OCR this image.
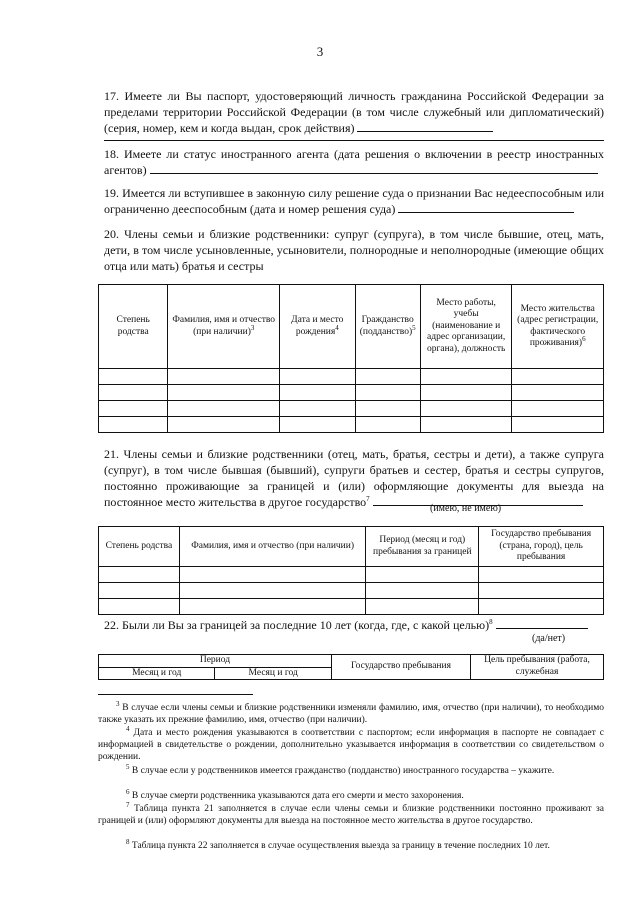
3
17. Имеете ли Вы паспорт, удостоверяющий личность гражданина Российской Федерации за пределами территории Российской Федерации (в том числе служебный или дипломатический) (серия, номер, кем и когда выдан, срок действия)
18. Имеете ли статус иностранного агента (дата решения о включении в реестр иностранных агентов)
19. Имеется ли вступившее в законную силу решение суда о признании Вас недееспособным или ограниченно дееспособным (дата и номер решения суда)
20. Члены семьи и близкие родственники: супруг (супруга), в том числе бывшие, отец, мать, дети, в том числе усыновленные, усыновители, полнородные и неполнородные (имеющие общих отца или мать) братья и сестры
Степень родства	Фамилия, имя и отчество (при наличии)$^3$	Дата и место рождения$^4$	Гражданство (подданство)$^5$	Место работы, учебы (наименование и адрес организации, органа), должность	Место жительства (адрес регистрации, фактического проживания)$^6$

21. Члены семьи и близкие родственники (отец, мать, братья, сестры и дети), а также супруга (супруг), в том числе бывшая (бывший), супруги братьев и сестер, братья и сестры супругов, постоянно проживающие за границей и (или) оформляющие документы для выезда на постоянное место жительства в другое государство$^7$
(имею, не имею)
Степень родства	Фамилия, имя и отчество (при наличии)	Период (месяц и год) пребывания за границей	Государство пребывания (страна, город), цель пребывания

22. Были ли Вы за границей за последние 10 лет (когда, где, с какой целью)$^8$
(да/нет)
Период		Государство пребывания	Цель пребывания (работа, служебная
Месяц и год	Месяц и год		
$^3$ В случае если члены семьи и близкие родственники изменяли фамилию, имя, отчество (при наличии), то необходимо также указать их прежние фамилию, имя, отчество (при наличии).
$^4$ Дата и место рождения указываются в соответствии с паспортом; если информация в паспорте не совпадает с информацией в свидетельстве о рождении, дополнительно указывается информация в соответствии со свидетельством о рождении.
$^5$ В случае если у родственников имеется гражданство (подданство) иностранного государства – укажите.
$^6$ В случае смерти родственника указываются дата его смерти и место захоронения.
$^7$ Таблица пункта 21 заполняется в случае если члены семьи и близкие родственники постоянно проживают за границей и (или) оформляют документы для выезда на постоянное место жительства в другое государство.
$^8$ Таблица пункта 22 заполняется в случае осуществления выезда за границу в течение последних 10 лет.
